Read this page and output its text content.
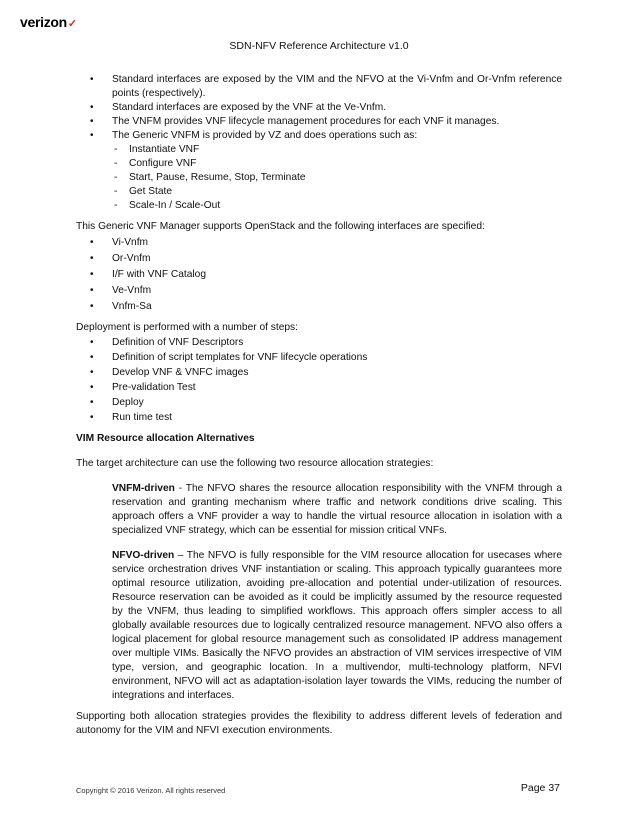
verizon✓
SDN-NFV Reference Architecture v1.0
• Standard interfaces are exposed by the VIM and the NFVO at the Vi-Vnfm and Or-Vnfm reference points (respectively).
• Standard interfaces are exposed by the VNF at the Ve-Vnfm.
• The VNFM provides VNF lifecycle management procedures for each VNF it manages.
• The Generic VNFM is provided by VZ and does operations such as:
- Instantiate VNF
- Configure VNF
- Start, Pause, Resume, Stop, Terminate
- Get State
- Scale-In / Scale-Out

This Generic VNF Manager supports OpenStack and the following interfaces are specified:

• Vi-Vnfm
• Or-Vnfm
• I/F with VNF Catalog
• Ve-Vnfm
• Vnfm-Sa

Deployment is performed with a number of steps:

• Definition of VNF Descriptors
• Definition of script templates for VNF lifecycle operations
• Develop VNF & VNFC images
• Pre-validation Test
• Deploy
• Run time test

VIM Resource allocation Alternatives

The target architecture can use the following two resource allocation strategies:

VNFM-driven - The NFVO shares the resource allocation responsibility with the VNFM through a reservation and granting mechanism where traffic and network conditions drive scaling. This approach offers a VNF provider a way to handle the virtual resource allocation in isolation with a specialized VNF strategy, which can be essential for mission critical VNFs.

NFVO-driven – The NFVO is fully responsible for the VIM resource allocation for usecases where service orchestration drives VNF instantiation or scaling. This approach typically guarantees more optimal resource utilization, avoiding pre-allocation and potential under-utilization of resources. Resource reservation can be avoided as it could be implicitly assumed by the resource requested by the VNFM, thus leading to simplified workflows. This approach offers simpler access to all globally available resources due to logically centralized resource management. NFVO also offers a logical placement for global resource management such as consolidated IP address management over multiple VIMs. Basically the NFVO provides an abstraction of VIM services irrespective of VIM type, version, and geographic location. In a multivendor, multi-technology platform, NFVI environment, NFVO will act as adaptation-isolation layer towards the VIMs, reducing the number of integrations and interfaces.

Supporting both allocation strategies provides the flexibility to address different levels of federation and autonomy for the VIM and NFVI execution environments.

Copyright © 2016 Verizon. All rights reserved	Page 37
